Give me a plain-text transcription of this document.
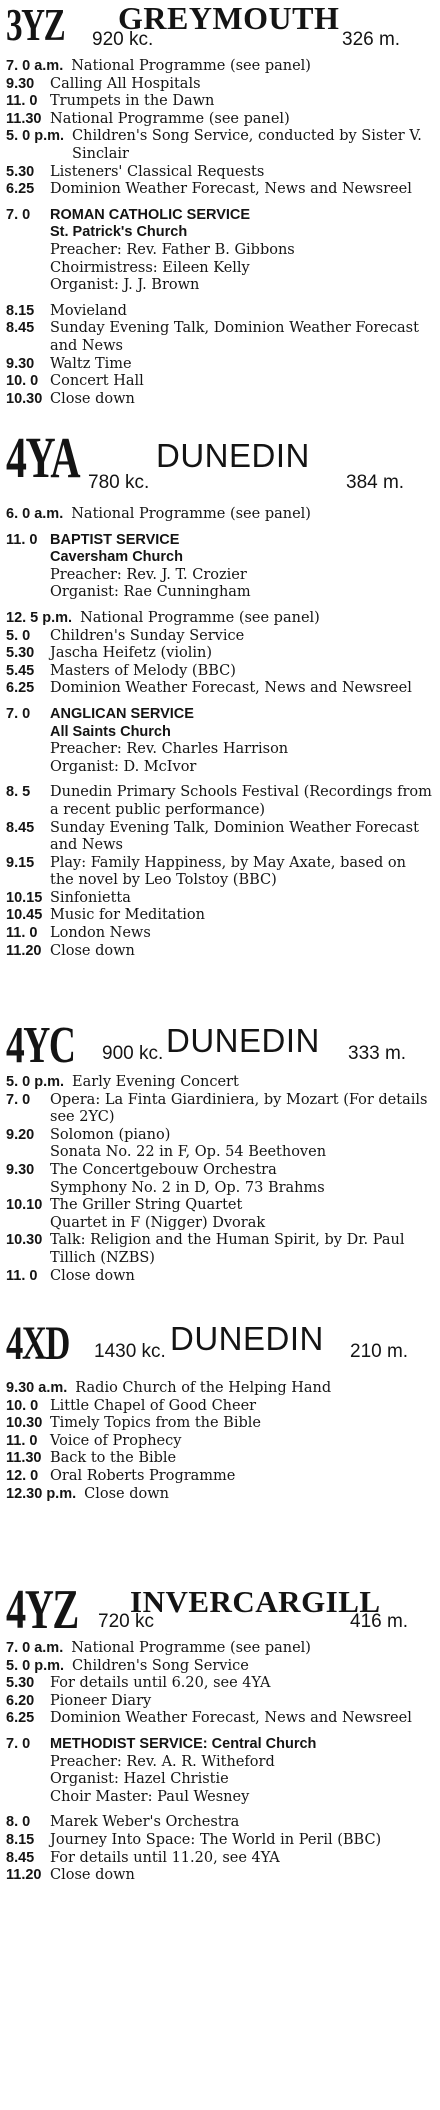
3YZ GREYMOUTH
920 kc.	326 m.
7. 0 a.m. National Programme (see panel)
9.30	Calling All Hospitals
11. 0 Trumpets in the Dawn
11.30 National Programme (see panel)
5. 0 p.m. Children's Song Service, conducted by Sister V. Sinclair
5.30	Listeners' Classical Requests
6.25	Dominion Weather Forecast, News and Newsreel
7. 0	ROMAN CATHOLIC SERVICE
St. Patrick's Church
Preacher: Rev. Father B. Gibbons
Choirmistress: Eileen Kelly
Organist: J. J. Brown
8.15	Movieland
8.45	Sunday Evening Talk, Dominion Weather Forecast and News
9.30	Waltz Time
10. 0 Concert Hall
10.30 Close down
4YA DUNEDIN
780 kc.	384 m.
6. 0 a.m. National Programme (see panel)
11. 0 BAPTIST SERVICE
Caversham Church
Preacher: Rev. J. T. Crozier
Organist: Rae Cunningham
12. 5 p.m. National Programme (see panel)
5. 0	Children's Sunday Service
5.30	Jascha Heifetz (violin)
5.45	Masters of Melody (BBC)
6.25	Dominion Weather Forecast, News and Newsreel
7. 0	ANGLICAN SERVICE
All Saints Church
Preacher: Rev. Charles Harrison
Organist: D. McIvor
8. 5	Dunedin Primary Schools Festival (Recordings from a recent public performance)
8.45	Sunday Evening Talk, Dominion Weather Forecast and News
9.15	Play: Family Happiness, by May Axate, based on the novel by Leo Tolstoy (BBC)
10.15 Sinfonietta
10.45 Music for Meditation
11. 0 London News
11.20 Close down
4YC 900 kc. DUNEDIN 333 m.
5. 0 p.m. Early Evening Concert
7. 0	Opera: La Finta Giardiniera, by Mozart (For details see 2YC)
9.20	Solomon (piano)
Sonata No. 22 in F, Op. 54 Beethoven
9.30	The Concertgebouw Orchestra
Symphony No. 2 in D, Op. 73 Brahms
10.10 The Griller String Quartet
Quartet in F (Nigger) Dvorak
10.30 Talk: Religion and the Human Spirit, by Dr. Paul Tillich (NZBS)
11. 0 Close down
4XD 1430 kc. DUNEDIN 210 m.
9.30 a.m. Radio Church of the Helping Hand
10. 0 Little Chapel of Good Cheer
10.30 Timely Topics from the Bible
11. 0 Voice of Prophecy
11.30 Back to the Bible
12. 0 Oral Roberts Programme
12.30 p.m. Close down
4YZ INVERCARGILL
720 kc	416 m.
7. 0 a.m. National Programme (see panel)
5. 0 p.m. Children's Song Service
5.30	For details until 6.20, see 4YA
6.20	Pioneer Diary
6.25	Dominion Weather Forecast, News and Newsreel
7. 0	METHODIST SERVICE: Central Church
Preacher: Rev. A. R. Witheford
Organist: Hazel Christie
Choir Master: Paul Wesney
8. 0	Marek Weber's Orchestra
8.15	Journey Into Space: The World in Peril (BBC)
8.45	For details until 11.20, see 4YA
11.20 Close down
